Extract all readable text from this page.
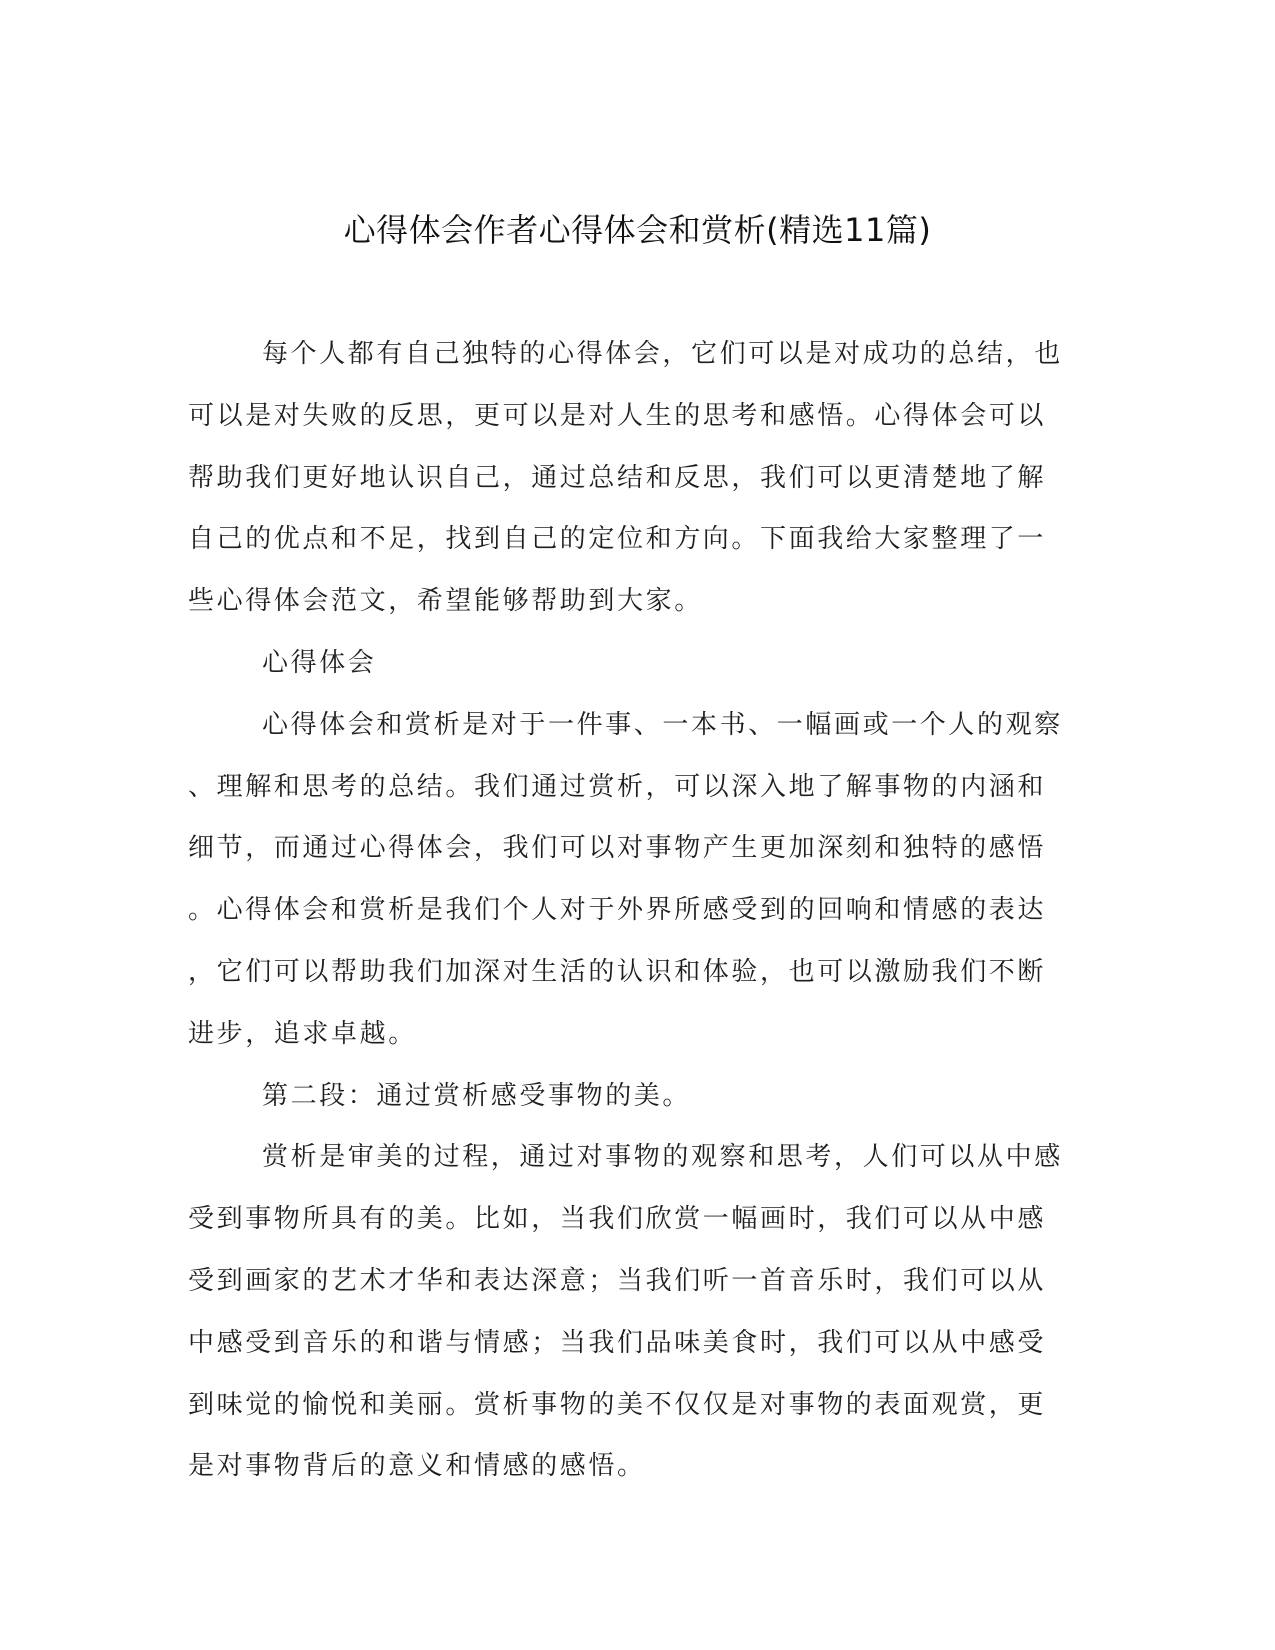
心得体会作者心得体会和赏析(精选11篇)
每个人都有自己独特的心得体会，它们可以是对成功的总结，也
可以是对失败的反思，更可以是对人生的思考和感悟。心得体会可以
帮助我们更好地认识自己，通过总结和反思，我们可以更清楚地了解
自己的优点和不足，找到自己的定位和方向。下面我给大家整理了一
些心得体会范文，希望能够帮助到大家。
心得体会
心得体会和赏析是对于一件事、一本书、一幅画或一个人的观察
、理解和思考的总结。我们通过赏析，可以深入地了解事物的内涵和
细节，而通过心得体会，我们可以对事物产生更加深刻和独特的感悟
。心得体会和赏析是我们个人对于外界所感受到的回响和情感的表达
，它们可以帮助我们加深对生活的认识和体验，也可以激励我们不断
进步，追求卓越。
第二段：通过赏析感受事物的美。
赏析是审美的过程，通过对事物的观察和思考，人们可以从中感
受到事物所具有的美。比如，当我们欣赏一幅画时，我们可以从中感
受到画家的艺术才华和表达深意；当我们听一首音乐时，我们可以从
中感受到音乐的和谐与情感；当我们品味美食时，我们可以从中感受
到味觉的愉悦和美丽。赏析事物的美不仅仅是对事物的表面观赏，更
是对事物背后的意义和情感的感悟。
